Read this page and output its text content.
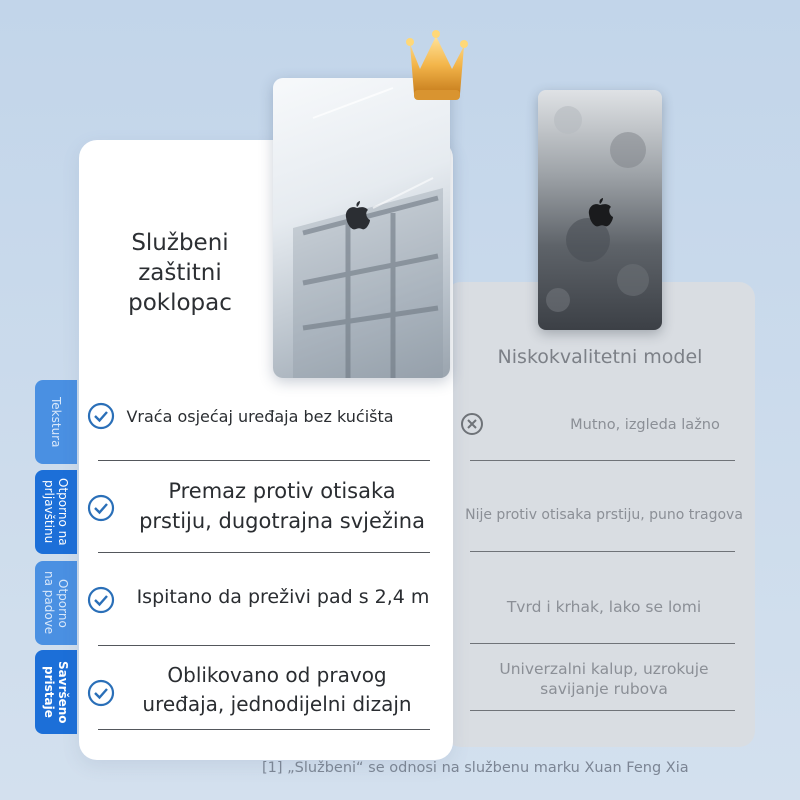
Niskokvalitetni model
Mutno, izgleda lažno
Nije protiv otisaka prstiju, puno tragova
Tvrd i krhak, lako se lomi
Univerzalni kalup, uzrokuje
savijanje rubova
Tekstura
Otporno na
prljavštinu
Otporno
na padove
Savršeno
pristaje
Službeni
zaštitni
poklopac
Vraća osjećaj uređaja bez kućišta
Premaz protiv otisaka
prstiju, dugotrajna svježina
Ispitano da preživi pad s 2,4 m
Oblikovano od pravog
uređaja, jednodijelni dizajn
[1] „Službeni“ se odnosi na službenu marku Xuan Feng Xia
